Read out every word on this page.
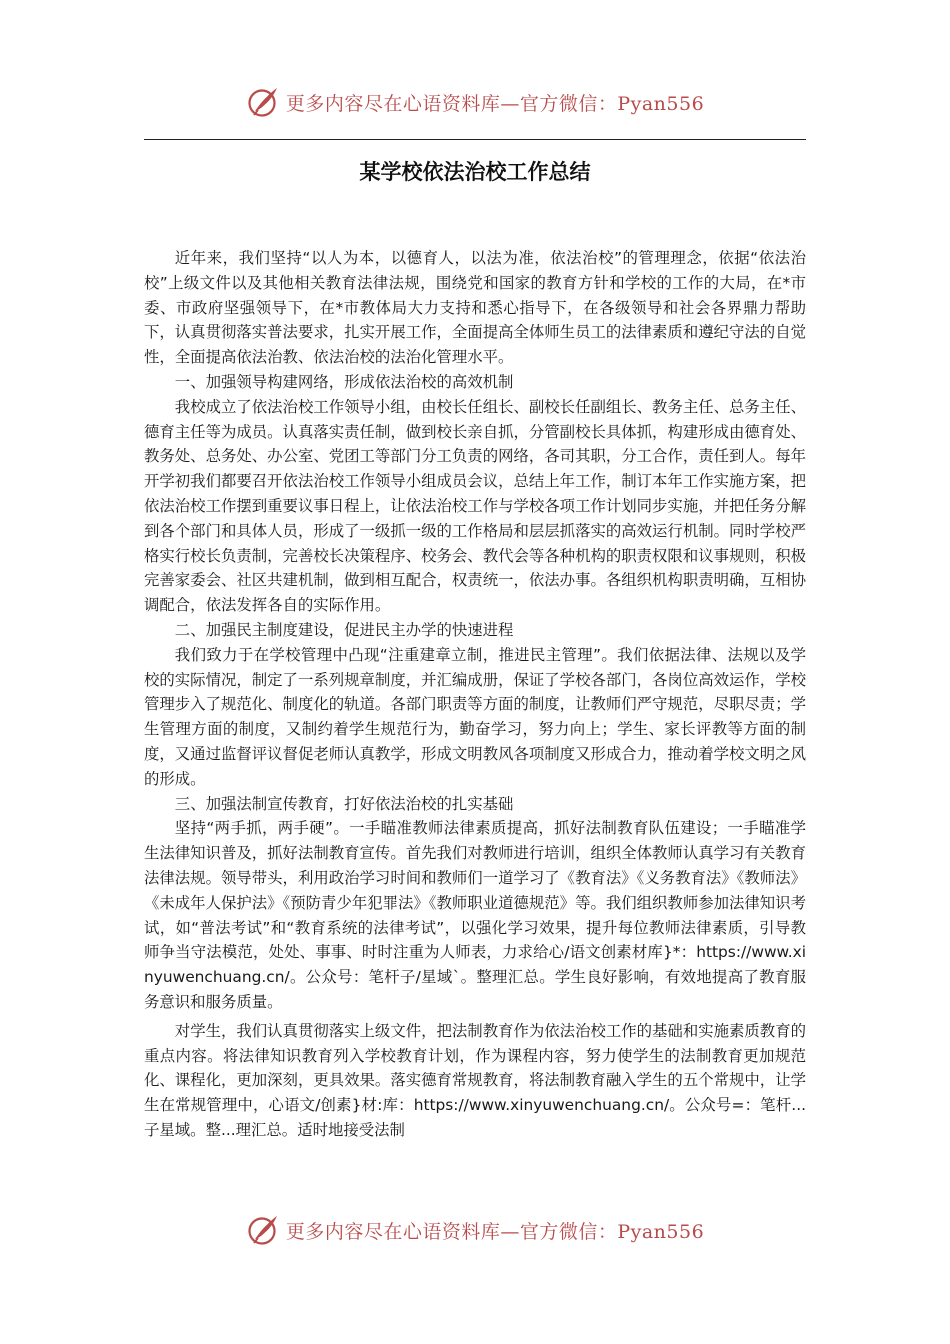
更多内容尽在心语资料库—官方微信：Pyan556
某学校依法治校工作总结

近年来，我们坚持“以人为本，以德育人，以法为准，依法治校”的管理理念，依据“依法治校”上级文件以及其他相关教育法律法规，围绕党和国家的教育方针和学校的工作的大局，在*市委、市政府坚强领导下，在*市教体局大力支持和悉心指导下，在各级领导和社会各界鼎力帮助下，认真贯彻落实普法要求，扎实开展工作，全面提高全体师生员工的法律素质和遵纪守法的自觉性，全面提高依法治教、依法治校的法治化管理水平。

一、加强领导构建网络，形成依法治校的高效机制

我校成立了依法治校工作领导小组，由校长任组长、副校长任副组长、教务主任、总务主任、德育主任等为成员。认真落实责任制，做到校长亲自抓，分管副校长具体抓，构建形成由德育处、教务处、总务处、办公室、党团工等部门分工负责的网络，各司其职，分工合作，责任到人。每年开学初我们都要召开依法治校工作领导小组成员会议，总结上年工作，制订本年工作实施方案，把依法治校工作摆到重要议事日程上，让依法治校工作与学校各项工作计划同步实施，并把任务分解到各个部门和具体人员，形成了一级抓一级的工作格局和层层抓落实的高效运行机制。同时学校严格实行校长负责制，完善校长决策程序、校务会、教代会等各种机构的职责权限和议事规则，积极完善家委会、社区共建机制，做到相互配合，权责统一，依法办事。各组织机构职责明确，互相协调配合，依法发挥各自的实际作用。

二、加强民主制度建设，促进民主办学的快速进程

我们致力于在学校管理中凸现“注重建章立制，推进民主管理”。我们依据法律、法规以及学校的实际情况，制定了一系列规章制度，并汇编成册，保证了学校各部门，各岗位高效运作，学校管理步入了规范化、制度化的轨道。各部门职责等方面的制度，让教师们严守规范，尽职尽责；学生管理方面的制度，又制约着学生规范行为，勤奋学习，努力向上；学生、家长评教等方面的制度，又通过监督评议督促老师认真教学，形成文明教风各项制度又形成合力，推动着学校文明之风的形成。

三、加强法制宣传教育，打好依法治校的扎实基础

坚持“两手抓，两手硬”。一手瞄准教师法律素质提高，抓好法制教育队伍建设；一手瞄准学生法律知识普及，抓好法制教育宣传。首先我们对教师进行培训，组织全体教师认真学习有关教育法律法规。领导带头，利用政治学习时间和教师们一道学习了《教育法》《义务教育法》《教师法》《未成年人保护法》《预防青少年犯罪法》《教师职业道德规范》等。我们组织教师参加法律知识考试，如“普法考试”和“教育系统的法律考试”，以强化学习效果，提升每位教师法律素质，引导教师争当守法模范，处处、事事、时时注重为人师表，力求给心/语文创素材库}*：https://www.xinyuwenchuang.cn/。公众号：笔杆子/星域`。整理汇总。学生良好影响，有效地提高了教育服务意识和服务质量。

对学生，我们认真贯彻落实上级文件，把法制教育作为依法治校工作的基础和实施素质教育的重点内容。将法律知识教育列入学校教育计划，作为课程内容，努力使学生的法制教育更加规范化、课程化，更加深刻，更具效果。落实德育常规教育，将法制教育融入学生的五个常规中，让学生在常规管理中，心语文/创素}材:库：https://www.xinyuwenchuang.cn/。公众号=：笔杆...子星域。整...理汇总。适时地接受法制

更多内容尽在心语资料库—官方微信：Pyan556
